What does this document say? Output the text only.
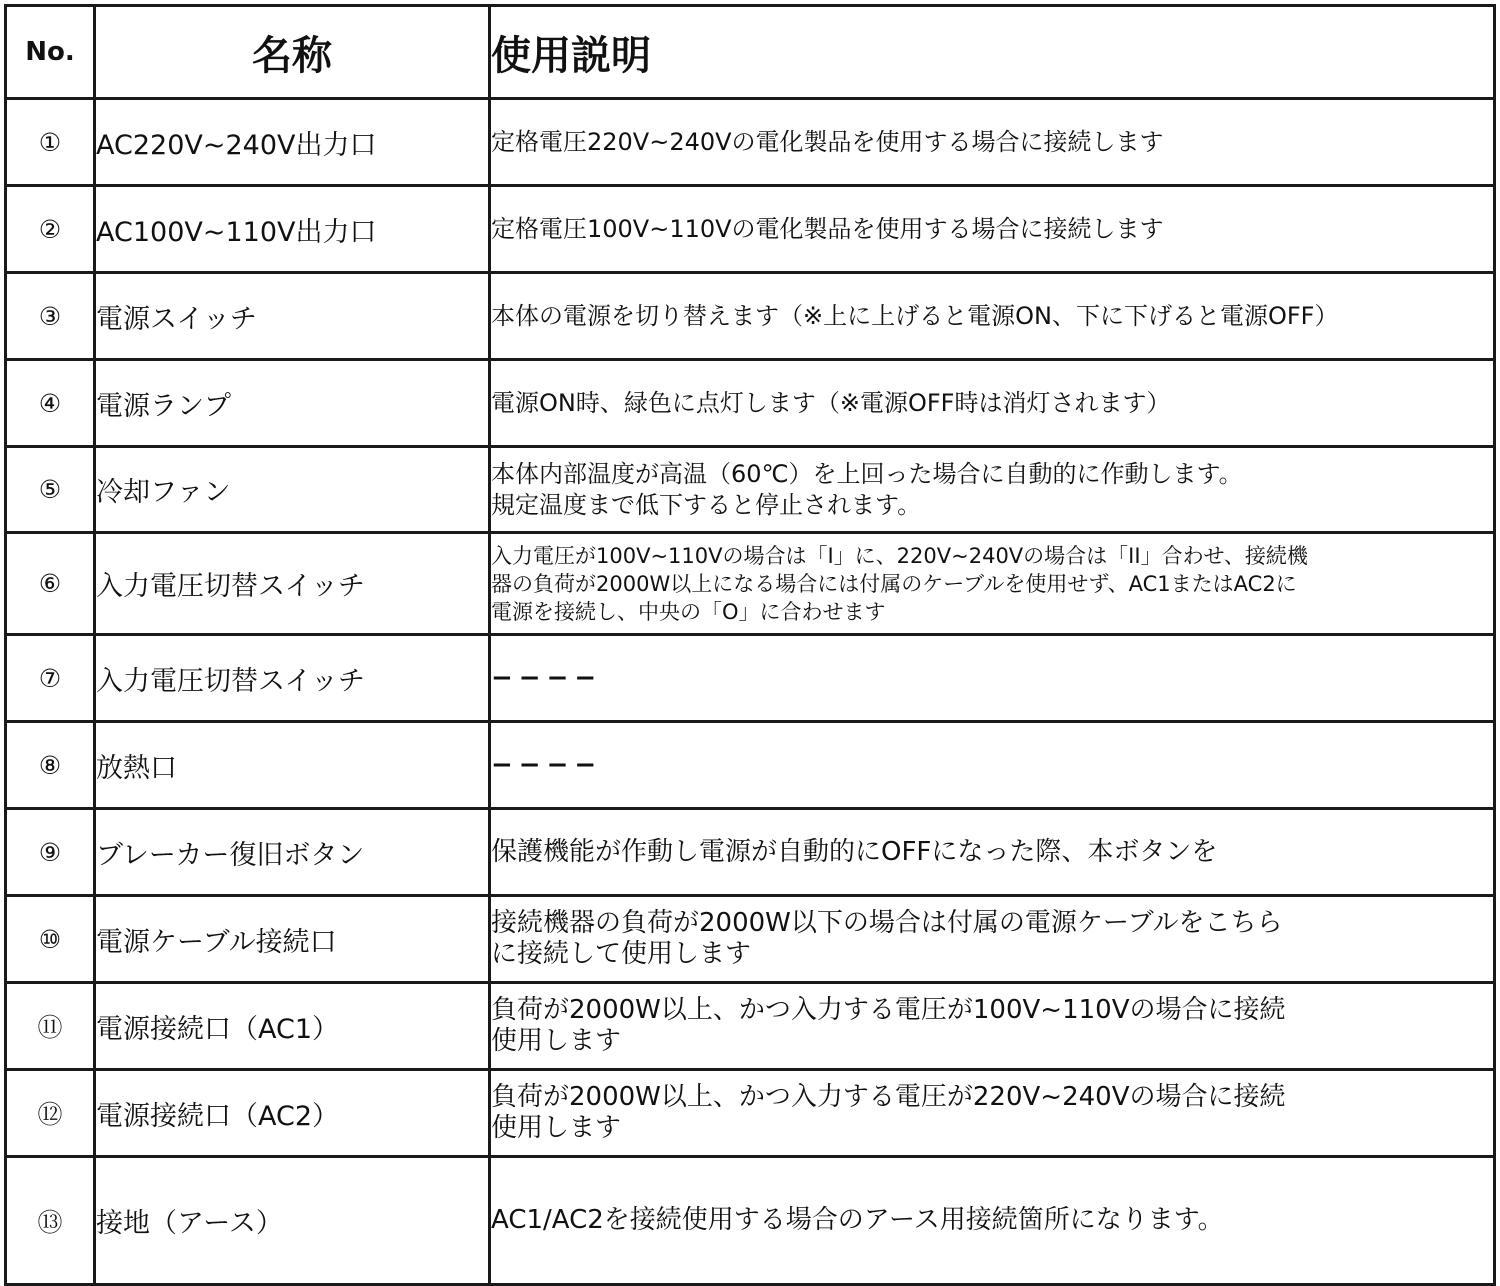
No.	名称	使用説明
①	AC220V~240V出力口	定格電圧220V~240Vの電化製品を使用する場合に接続します

②	AC100V~110V出力口	定格電圧100V~110Vの電化製品を使用する場合に接続します

③	電源スイッチ	本体の電源を切り替えます（※上に上げると電源ON、下に下げると電源OFF）

④	電源ランプ	電源ON時、緑色に点灯します（※電源OFF時は消灯されます）

⑤	冷却ファン	本体内部温度が高温（60℃）を上回った場合に自動的に作動します。
規定温度まで低下すると停止されます。

⑥	入力電圧切替スイッチ	入力電圧が100V~110Vの場合は「I」に、220V~240Vの場合は「II」合わせ、接続機
器の負荷が2000W以上になる場合には付属のケーブルを使用せず、AC1またはAC2に
電源を接続し、中央の「O」に合わせます

⑦	入力電圧切替スイッチ	−−−−
⑧	放熱口	−−−−
⑨	ブレーカー復旧ボタン	保護機能が作動し電源が自動的にOFFになった際、本ボタンを

⑩	電源ケーブル接続口	接続機器の負荷が2000W以下の場合は付属の電源ケーブルをこちら
に接続して使用します

⑪	電源接続口（AC1）	負荷が2000W以上、かつ入力する電圧が100V~110Vの場合に接続
使用します

⑫	電源接続口（AC2）	負荷が2000W以上、かつ入力する電圧が220V~240Vの場合に接続
使用します

⑬	接地（アース）	AC1/AC2を接続使用する場合のアース用接続箇所になります。
